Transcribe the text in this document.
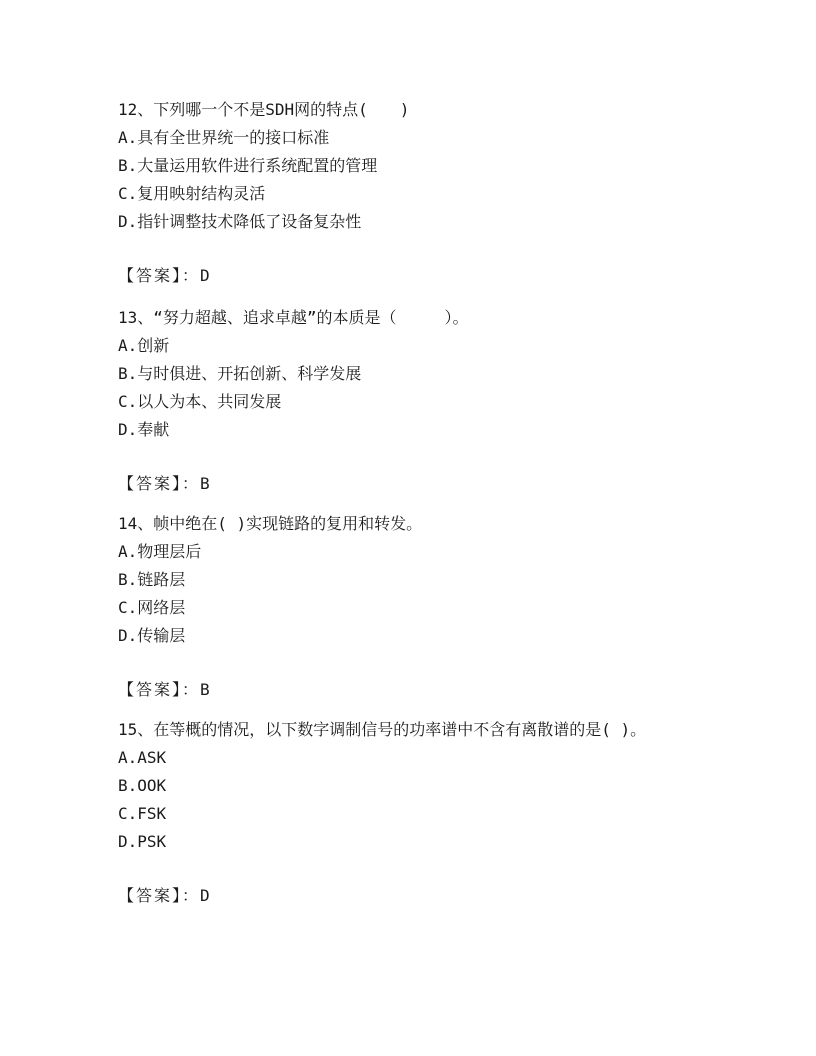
12、下列哪一个不是SDH网的特点(　　)
A.具有全世界统一的接口标准
B.大量运用软件进行系统配置的管理
C.复用映射结构灵活
D.指针调整技术降低了设备复杂性
【答案】：D
13、“努力超越、追求卓越”的本质是（　　　）。
A.创新
B.与时俱进、开拓创新、科学发展
C.以人为本、共同发展
D.奉献
【答案】：B
14、帧中绝在( )实现链路的复用和转发。
A.物理层后
B.链路层
C.网络层
D.传输层
【答案】：B
15、在等概的情况，以下数字调制信号的功率谱中不含有离散谱的是( )。
A.ASK
B.OOK
C.FSK
D.PSK
【答案】：D
